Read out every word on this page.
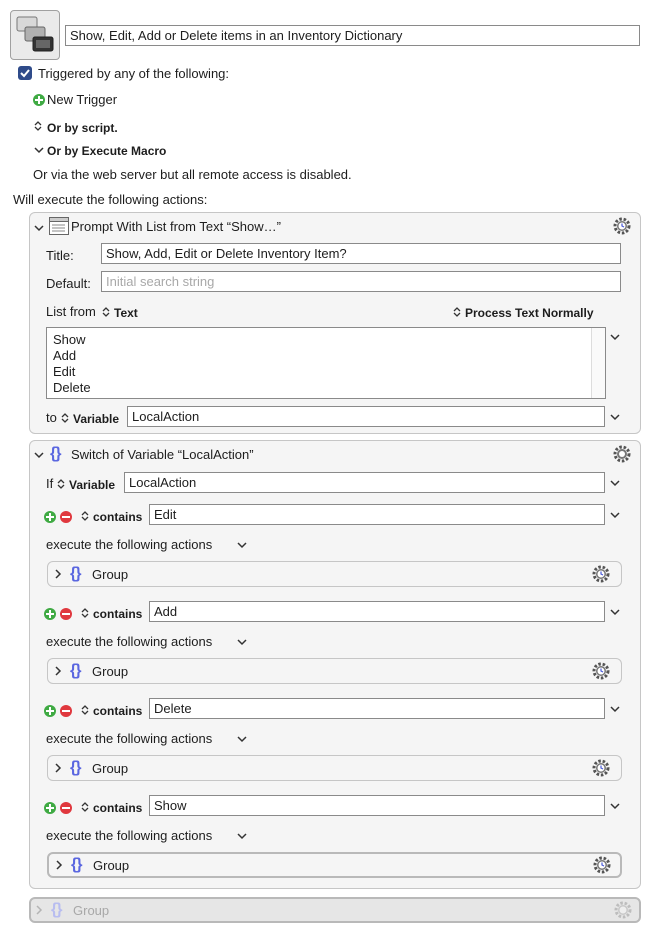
Show, Edit, Add or Delete items in an Inventory Dictionary
Triggered by any of the following:
New Trigger
Or by script.
Or by Execute Macro
Or via the web server but all remote access is disabled.
Will execute the following actions:
Prompt With List from Text “Show…”
Title:	Show, Add, Edit or Delete Inventory Item?
Default:	Initial search string
List from Text	Process Text Normally
Show
Add
Edit
Delete
to Variable LocalAction
{} Switch of Variable “LocalAction”
If Variable	LocalAction
contains Edit
execute the following actions
{} Group
contains Add
execute the following actions
{} Group
contains Delete
execute the following actions
{} Group
contains Show
execute the following actions
{} Group
{} Group
